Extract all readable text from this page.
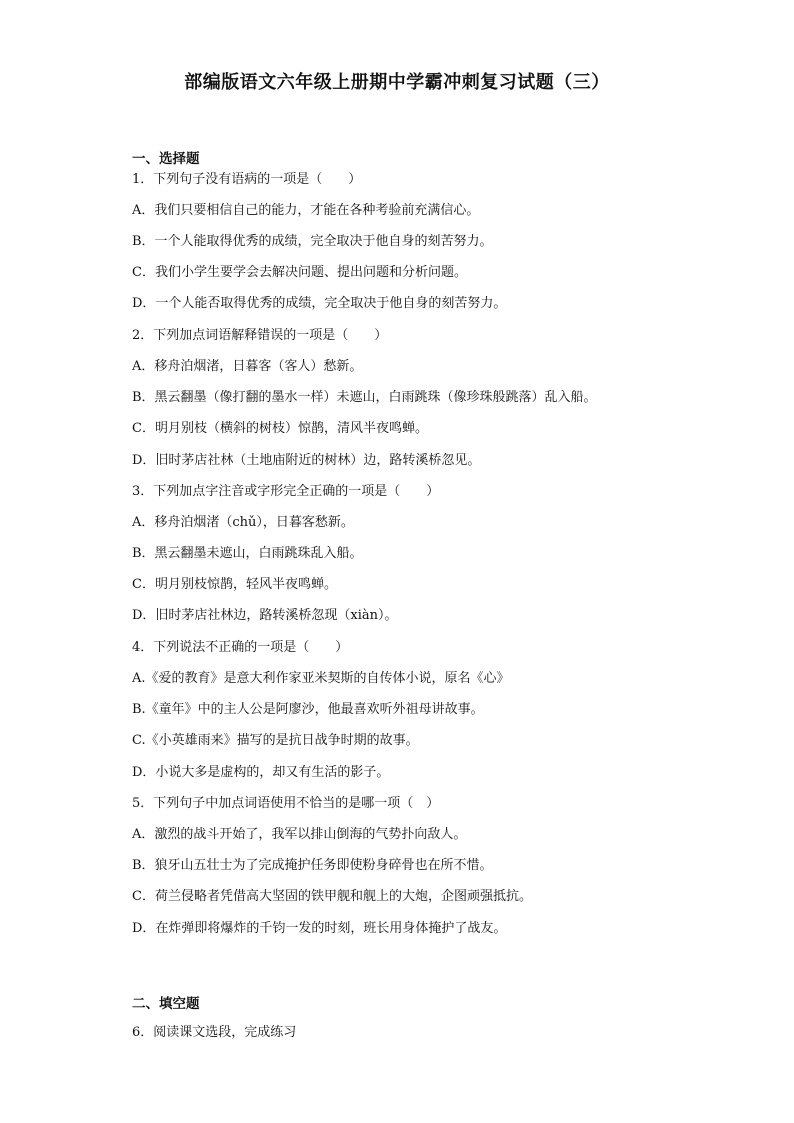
部编版语文六年级上册期中学霸冲刺复习试题（三）
一、选择题
1．下列句子没有语病的一项是（　　）
A．我们只要相信自己的能力，才能在各种考验前充满信心。
B．一个人能取得优秀的成绩，完全取决于他自身的刻苦努力。
C．我们小学生要学会去解决问题、提出问题和分析问题。
D．一个人能否取得优秀的成绩，完全取决于他自身的刻苦努力。
2．下列加点词语解释错误的一项是（　　）
A．移舟泊烟渚，日暮客（客人）愁新。
B．黑云翻墨（像打翻的墨水一样）未遮山，白雨跳珠（像珍珠般跳落）乱入船。
C．明月别枝（横斜的树枝）惊鹊，清风半夜鸣蝉。
D．旧时茅店社林（土地庙附近的树林）边，路转溪桥忽见。
3．下列加点字注音或字形完全正确的一项是（　　）
A．移舟泊烟渚（chǔ），日暮客愁新。
B．黑云翻墨未遮山，白雨跳珠乱入船。
C．明月别枝惊鹊，轻风半夜鸣蝉。
D．旧时茅店社林边，路转溪桥忽现（xiàn）。
4．下列说法不正确的一项是（　　）
A.《爱的教育》是意大利作家亚米契斯的自传体小说，原名《心》
B.《童年》中的主人公是阿廖沙，他最喜欢听外祖母讲故事。
C.《小英雄雨来》描写的是抗日战争时期的故事。
D．小说大多是虚构的，却又有生活的影子。
5．下列句子中加点词语使用不恰当的是哪一项（　）
A．激烈的战斗开始了，我军以排山倒海的气势扑向敌人。
B．狼牙山五壮士为了完成掩护任务即使粉身碎骨也在所不惜。
C．荷兰侵略者凭借高大坚固的铁甲舰和舰上的大炮，企图顽强抵抗。
D．在炸弹即将爆炸的千钧一发的时刻，班长用身体掩护了战友。
二、填空题
6．阅读课文选段，完成练习
